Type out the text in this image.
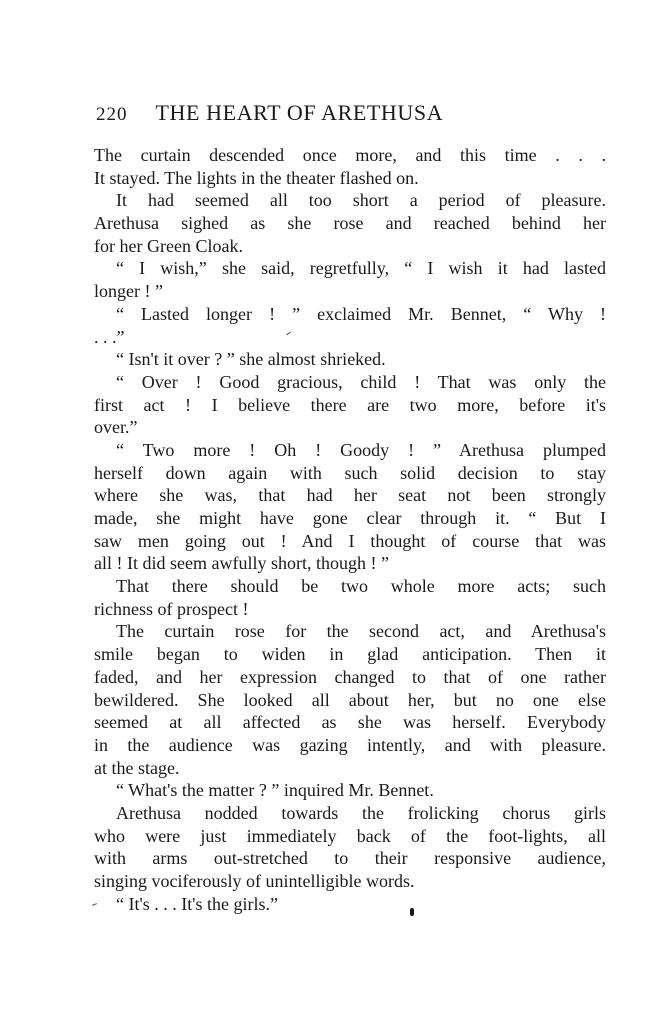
220 THE HEART OF ARETHUSA
The curtain descended once more, and this time . . .
It stayed. The lights in the theater flashed on.
It had seemed all too short a period of pleasure.
Arethusa sighed as she rose and reached behind her
for her Green Cloak.
“ I wish,” she said, regretfully, “ I wish it had lasted
longer ! ”
“ Lasted longer ! ” exclaimed Mr. Bennet, “ Why !
. . .”
“ Isn't it over ? ” she almost shrieked.
“ Over ! Good gracious, child ! That was only the
first act ! I believe there are two more, before it's
over.”
“ Two more ! Oh ! Goody ! ” Arethusa plumped
herself down again with such solid decision to stay
where she was, that had her seat not been strongly
made, she might have gone clear through it. “ But I
saw men going out ! And I thought of course that was
all ! It did seem awfully short, though ! ”
That there should be two whole more acts; such
richness of prospect !
The curtain rose for the second act, and Arethusa's
smile began to widen in glad anticipation. Then it
faded, and her expression changed to that of one rather
bewildered. She looked all about her, but no one else
seemed at all affected as she was herself. Everybody
in the audience was gazing intently, and with pleasure.
at the stage.
“ What's the matter ? ” inquired Mr. Bennet.
Arethusa nodded towards the frolicking chorus girls
who were just immediately back of the foot-lights, all
with arms out-stretched to their responsive audience,
singing vociferously of unintelligible words.
“ It's . . . It's the girls.”
